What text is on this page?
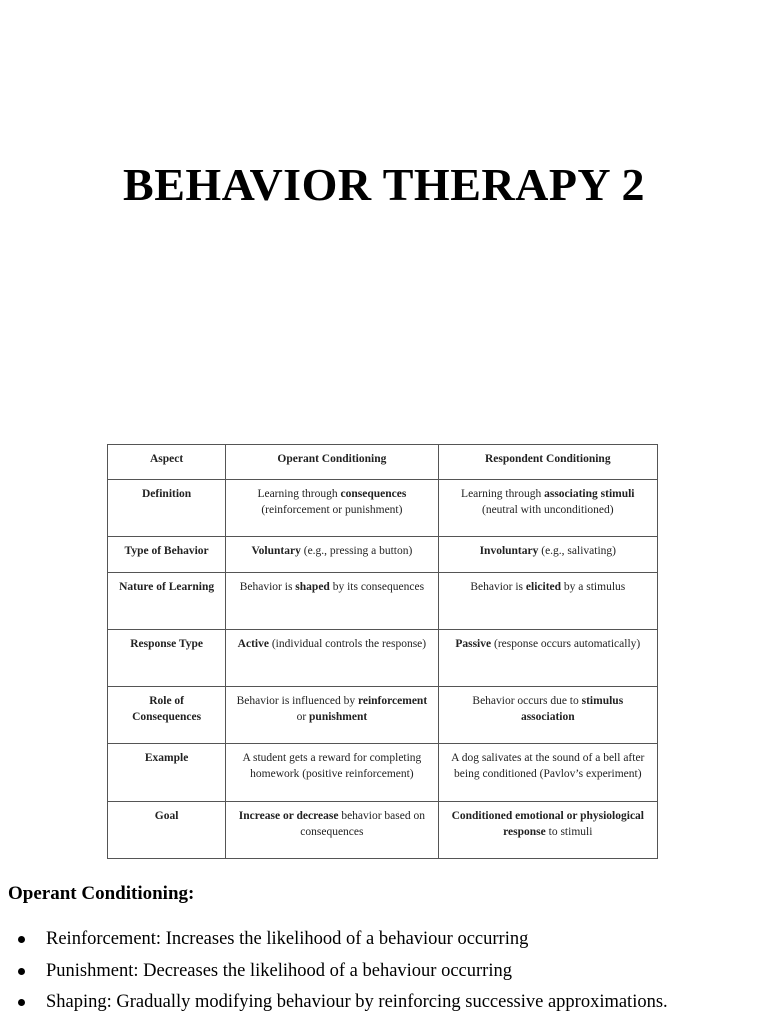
BEHAVIOR THERAPY 2
Aspect	Operant Conditioning	Respondent Conditioning
Definition	Learning through consequences (reinforcement or punishment)	Learning through associating stimuli (neutral with unconditioned)
Type of Behavior	Voluntary (e.g., pressing a button)	Involuntary (e.g., salivating)
Nature of Learning	Behavior is shaped by its consequences	Behavior is elicited by a stimulus
Response Type	Active (individual controls the response)	Passive (response occurs automatically)
Role of Consequences	Behavior is influenced by reinforcement or punishment	Behavior occurs due to stimulus association
Example	A student gets a reward for completing homework (positive reinforcement)	A dog salivates at the sound of a bell after being conditioned (Pavlov’s experiment)
Goal	Increase or decrease behavior based on consequences	Conditioned emotional or physiological response to stimuli
Operant Conditioning:
Reinforcement: Increases the likelihood of a behaviour occurring
Punishment: Decreases the likelihood of a behaviour occurring
Shaping: Gradually modifying behaviour by reinforcing successive approximations.
